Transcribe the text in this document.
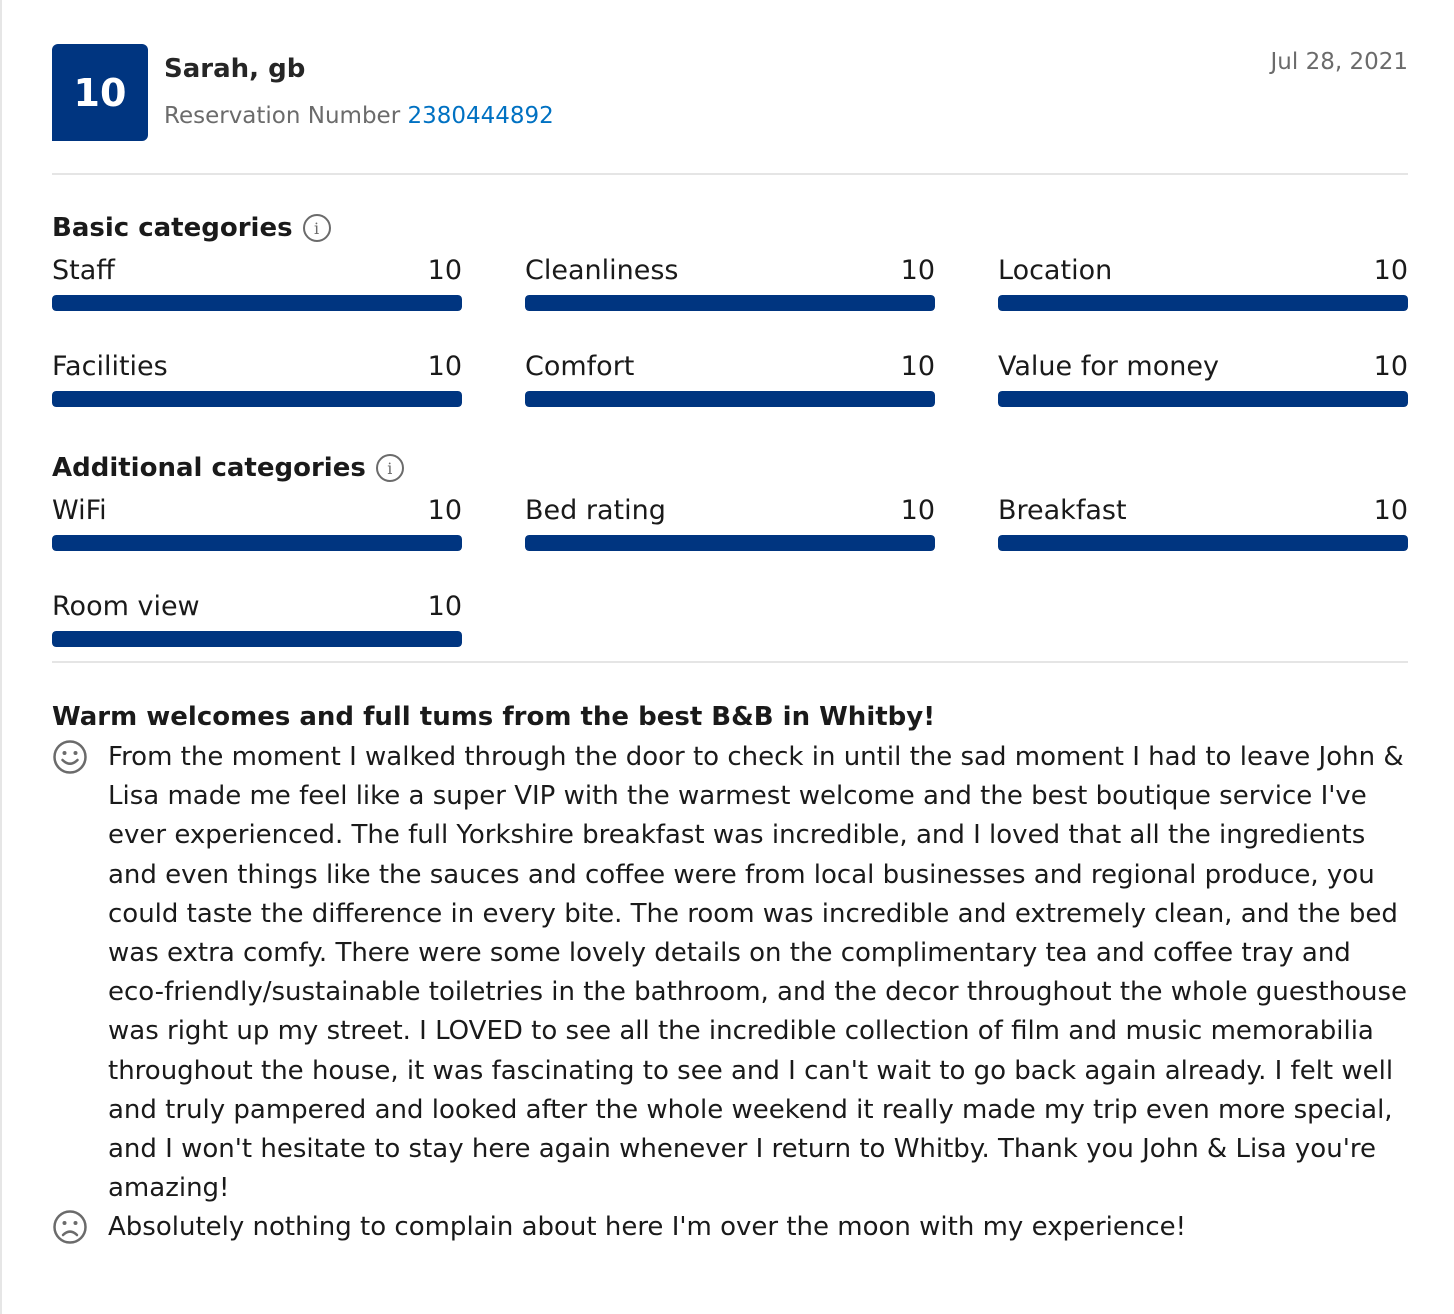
10
Sarah, gb
Reservation Number 2380444892
Jul 28, 2021
Basic categories	i
Staff	10 Cleanliness	10 Location	10
Facilities	10 Comfort	10 Value for money	10
Additional categories	i
WiFi	10 Bed rating	10 Breakfast	10
Room view	10
Warm welcomes and full tums from the best B&B in Whitby!
From the moment I walked through the door to check in until the sad moment I had to leave John & Lisa made me feel like a super VIP with the warmest welcome and the best boutique service I've ever experienced. The full Yorkshire breakfast was incredible, and I loved that all the ingredients and even things like the sauces and coffee were from local businesses and regional produce, you could taste the difference in every bite. The room was incredible and extremely clean, and the bed was extra comfy. There were some lovely details on the complimentary tea and coffee tray and eco-friendly/sustainable toiletries in the bathroom, and the decor throughout the whole guesthouse was right up my street. I LOVED to see all the incredible collection of film and music memorabilia throughout the house, it was fascinating to see and I can't wait to go back again already. I felt well and truly pampered and looked after the whole weekend it really made my trip even more special, and I won't hesitate to stay here again whenever I return to Whitby. Thank you John & Lisa you're amazing!
Absolutely nothing to complain about here I'm over the moon with my experience!
